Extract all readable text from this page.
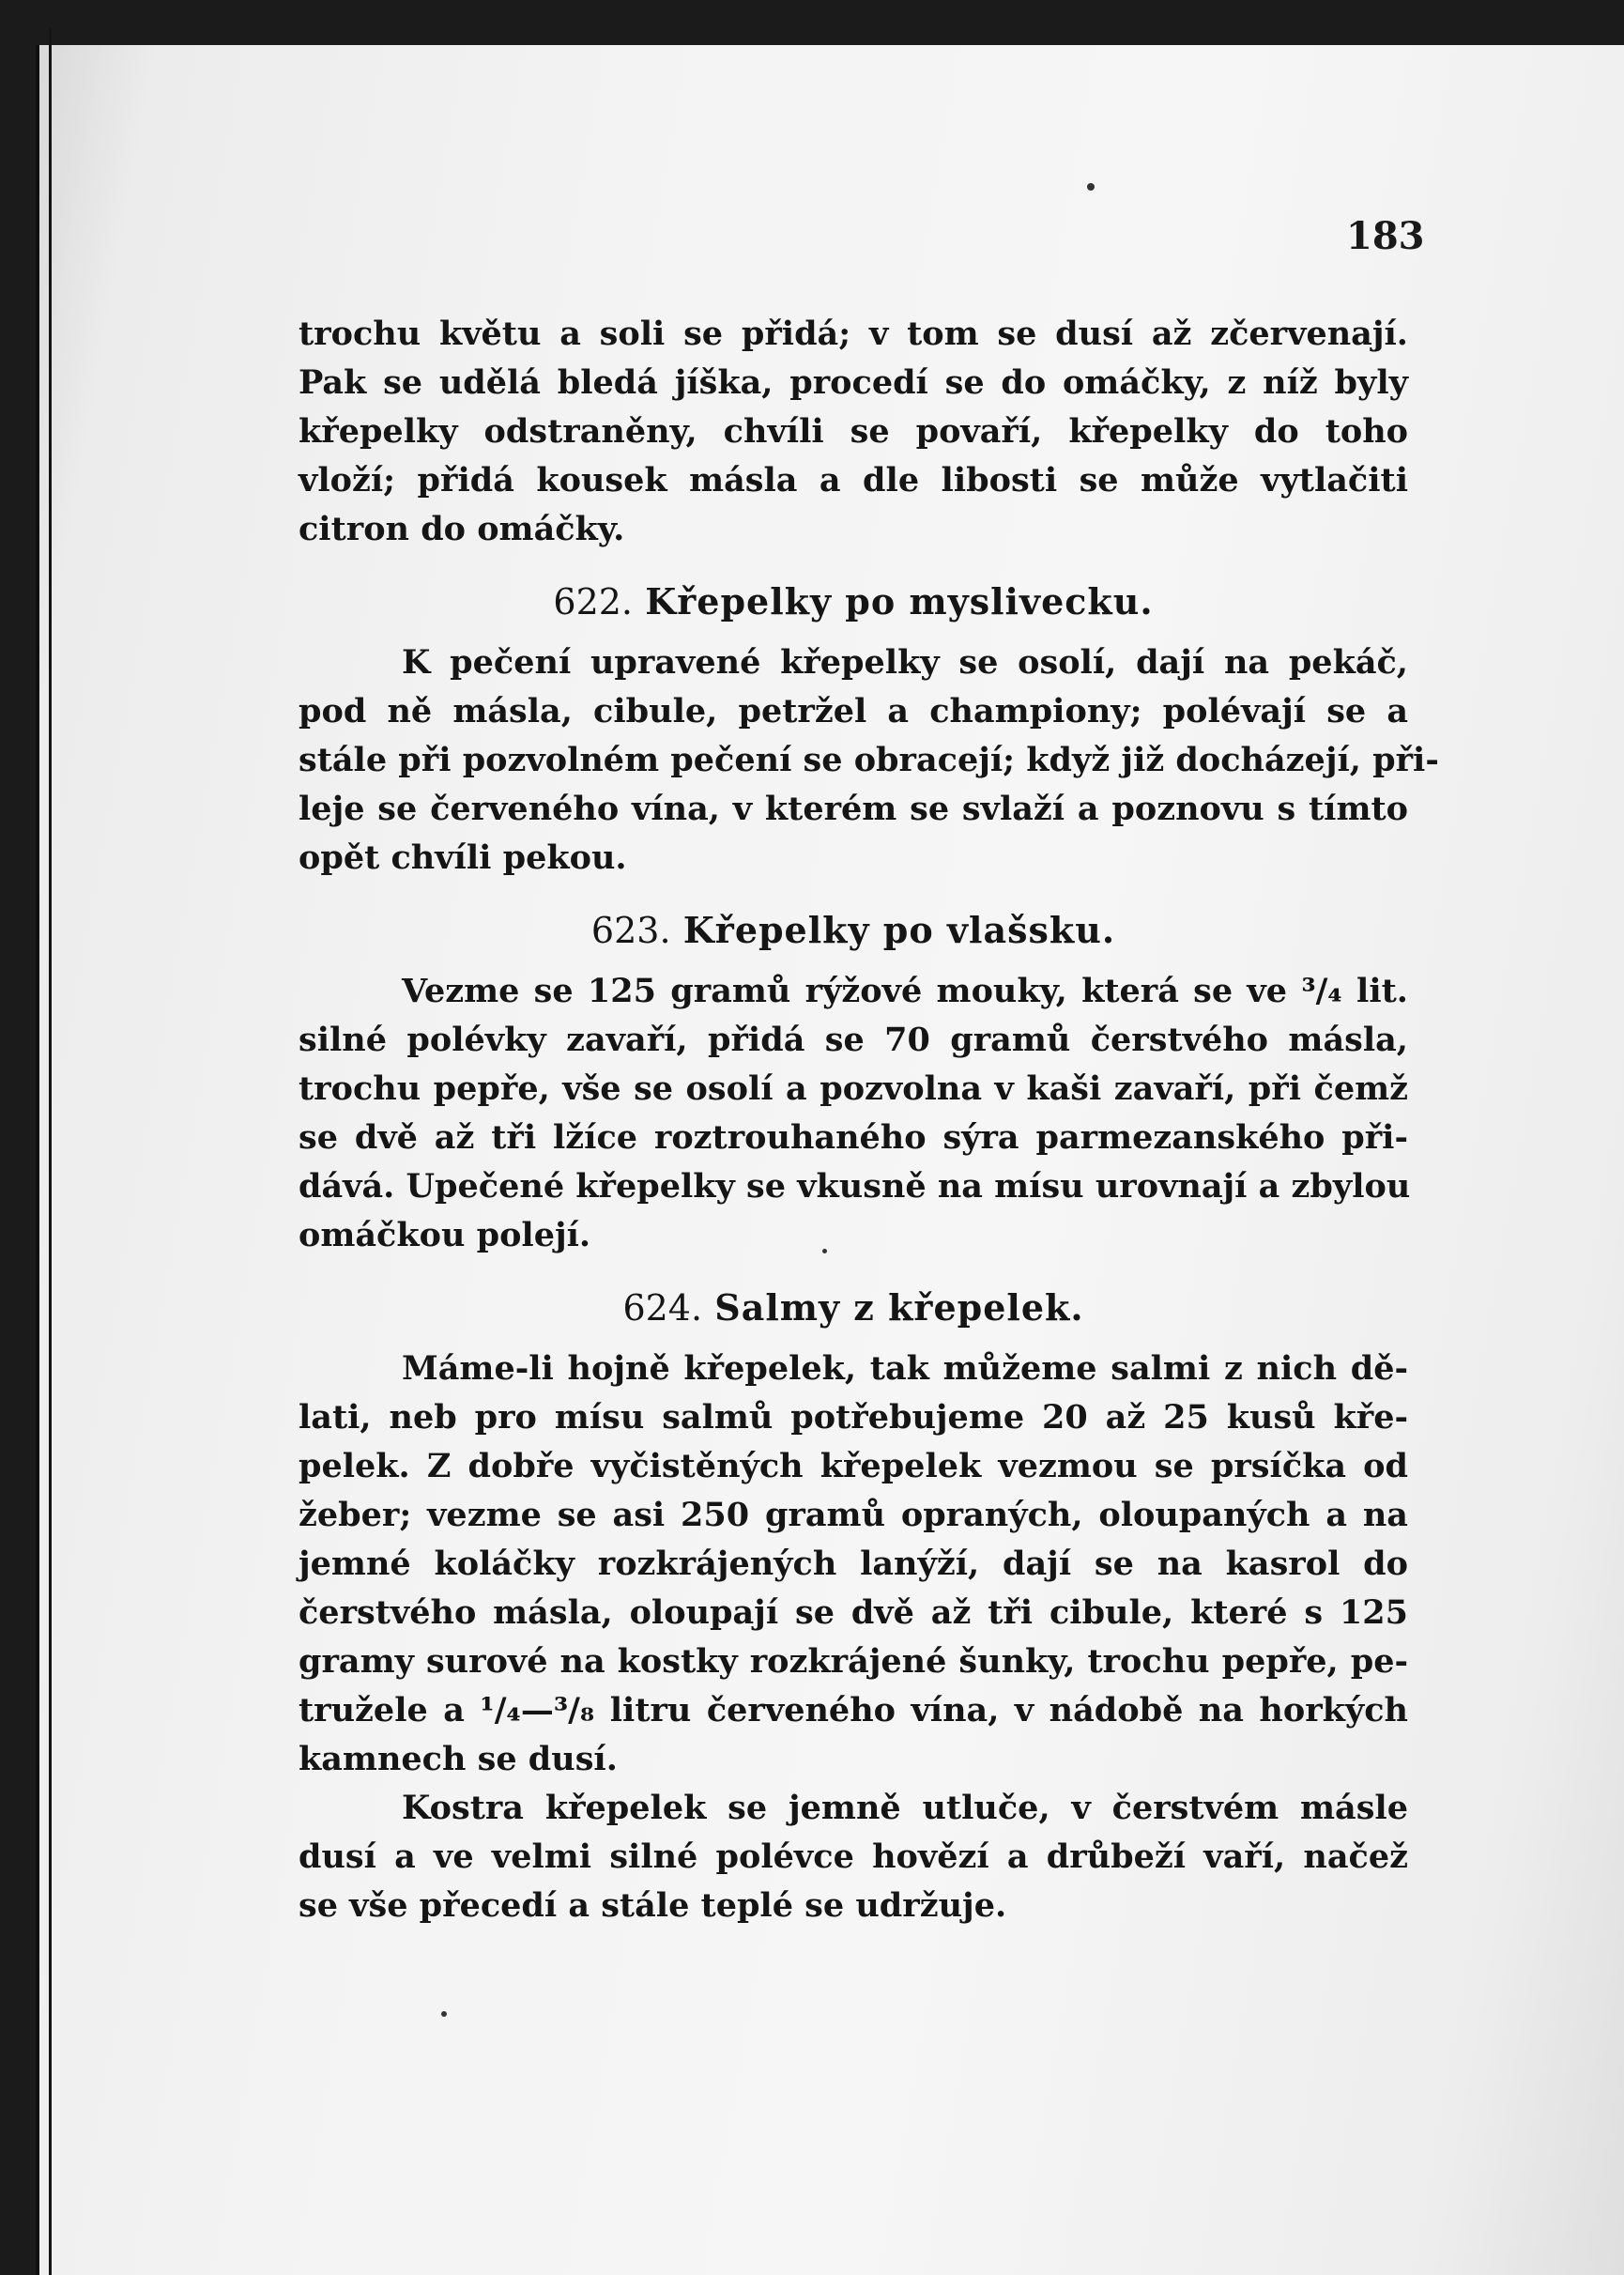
183
trochu květu a soli se přidá; v tom se dusí až zčervenají.
Pak se udělá bledá jíška, procedí se do omáčky, z níž byly
křepelky odstraněny, chvíli se povaří, křepelky do toho
vloží; přidá kousek másla a dle libosti se může vytlačiti
citron do omáčky.
622. Křepelky po myslivecku.
K pečení upravené křepelky se osolí, dají na pekáč,
pod ně másla, cibule, petržel a championy; polévají se a
stále při pozvolném pečení se obracejí; když již docházejí, při-
leje se červeného vína, v kterém se svlaží a poznovu s tímto
opět chvíli pekou.
623. Křepelky po vlašsku.
Vezme se 125 gramů rýžové mouky, která se ve ³/₄ lit.
silné polévky zavaří, přidá se 70 gramů čerstvého másla,
trochu pepře, vše se osolí a pozvolna v kaši zavaří, při čemž
se dvě až tři lžíce roztrouhaného sýra parmezanského při-
dává. Upečené křepelky se vkusně na mísu urovnají a zbylou
omáčkou polejí.
624. Salmy z křepelek.
Máme-li hojně křepelek, tak můžeme salmi z nich dě-
lati, neb pro mísu salmů potřebujeme 20 až 25 kusů kře-
pelek. Z dobře vyčistěných křepelek vezmou se prsíčka od
žeber; vezme se asi 250 gramů opraných, oloupaných a na
jemné koláčky rozkrájených lanýží, dají se na kasrol do
čerstvého másla, oloupají se dvě až tři cibule, které s 125
gramy surové na kostky rozkrájené šunky, trochu pepře, pe-
tružele a ¹/₄—³/₈ litru červeného vína, v nádobě na horkých
kamnech se dusí.
Kostra křepelek se jemně utluče, v čerstvém másle
dusí a ve velmi silné polévce hovězí a drůbeží vaří, načež
se vše přecedí a stále teplé se udržuje.
